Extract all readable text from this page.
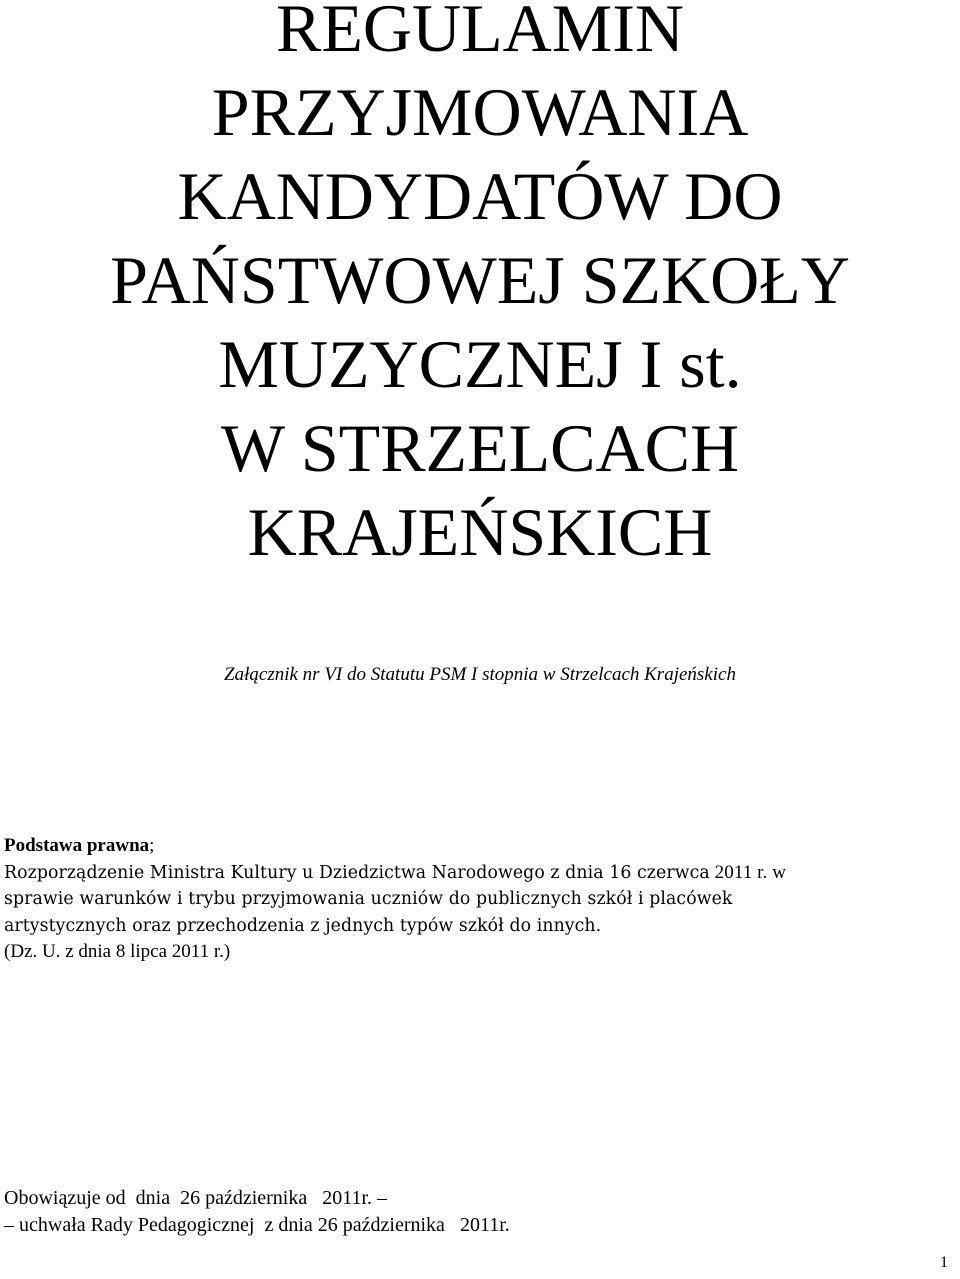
REGULAMIN
PRZYJMOWANIA
KANDYDATÓW DO
PAŃSTWOWEJ SZKOŁY
MUZYCZNEJ I st.
W STRZELCACH
KRAJEŃSKICH
Załącznik nr VI do Statutu PSM I stopnia w Strzelcach Krajeńskich
Podstawa prawna;
Rozporządzenie Ministra Kultury u Dziedzictwa Narodowego z dnia 16 czerwca 2011 r. w
sprawie warunków i trybu przyjmowania uczniów do publicznych szkół i placówek
artystycznych oraz przechodzenia z jednych typów szkół do innych.
(Dz. U. z dnia 8 lipca 2011 r.)
Obowiązuje od  dnia  26 października   2011r. –
– uchwała Rady Pedagogicznej  z dnia 26 października   2011r.
1
